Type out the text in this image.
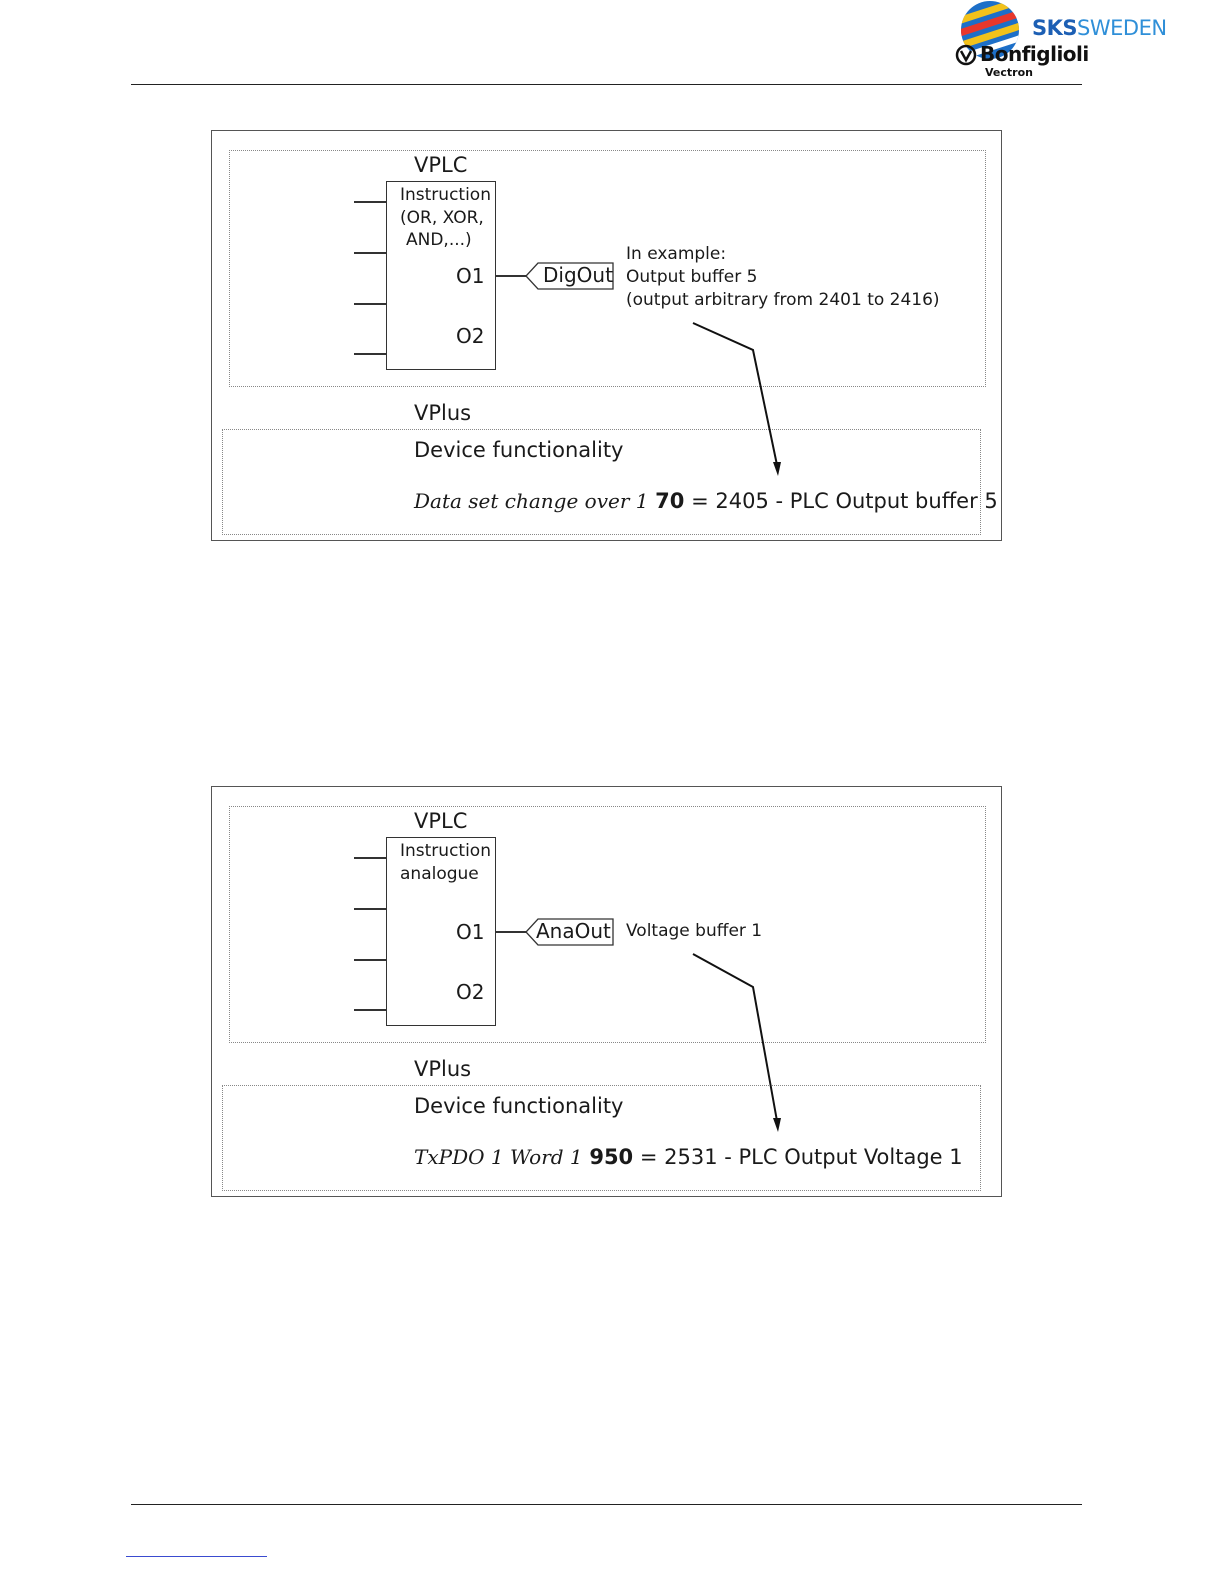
SKSSWEDEN
Bonfiglioli
Vectron
VPLC
Instruction
(OR, XOR,
AND,...)
O1
O2
DigOut
In example:
Output buffer 5
(output arbitrary from 2401 to 2416)
VPlus
Device functionality
Data set change over 1 70 = 2405 - PLC Output buffer 5
VPLC
Instruction
analogue
O1
O2
AnaOut Voltage buffer 1
VPlus
Device functionality
TxPDO 1 Word 1 950 = 2531 - PLC Output Voltage 1
